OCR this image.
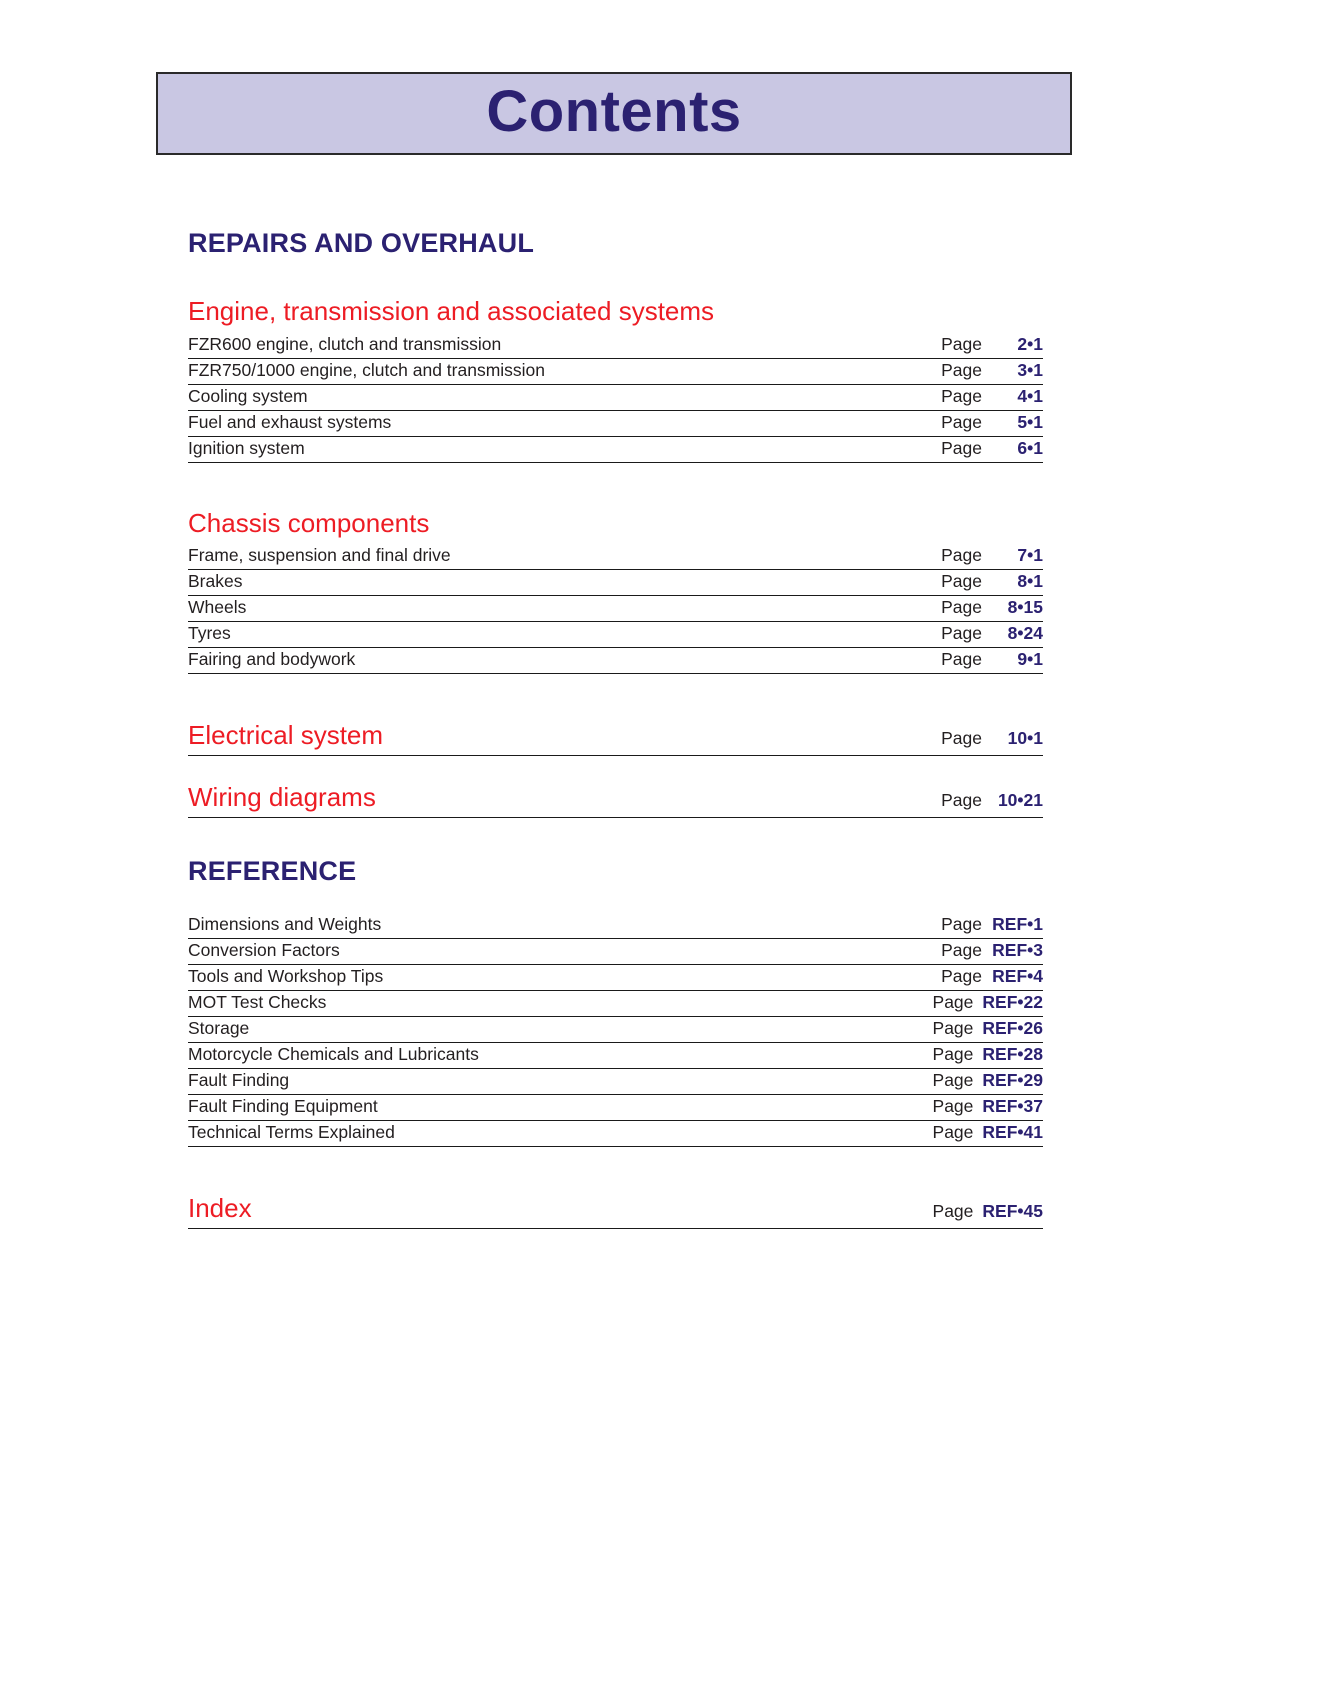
Contents
REPAIRS AND OVERHAUL
Engine, transmission and associated systems
FZR600 engine, clutch and transmission	Page	2•1
FZR750/1000 engine, clutch and transmission	Page	3•1
Cooling system	Page	4•1
Fuel and exhaust systems	Page	5•1
Ignition system	Page	6•1
Chassis components
Frame, suspension and final drive	Page	7•1
Brakes	Page	8•1
Wheels	Page	8•15
Tyres	Page	8•24
Fairing and bodywork	Page	9•1
Electrical system	Page	10•1
Wiring diagrams	Page 10•21
REFERENCE
Dimensions and Weights	Page REF•1
Conversion Factors	Page REF•3
Tools and Workshop Tips	Page REF•4
MOT Test Checks	Page REF•22
Storage	Page REF•26
Motorcycle Chemicals and Lubricants	Page REF•28
Fault Finding	Page REF•29
Fault Finding Equipment	Page REF•37
Technical Terms Explained	Page REF•41
Index	Page REF•45
